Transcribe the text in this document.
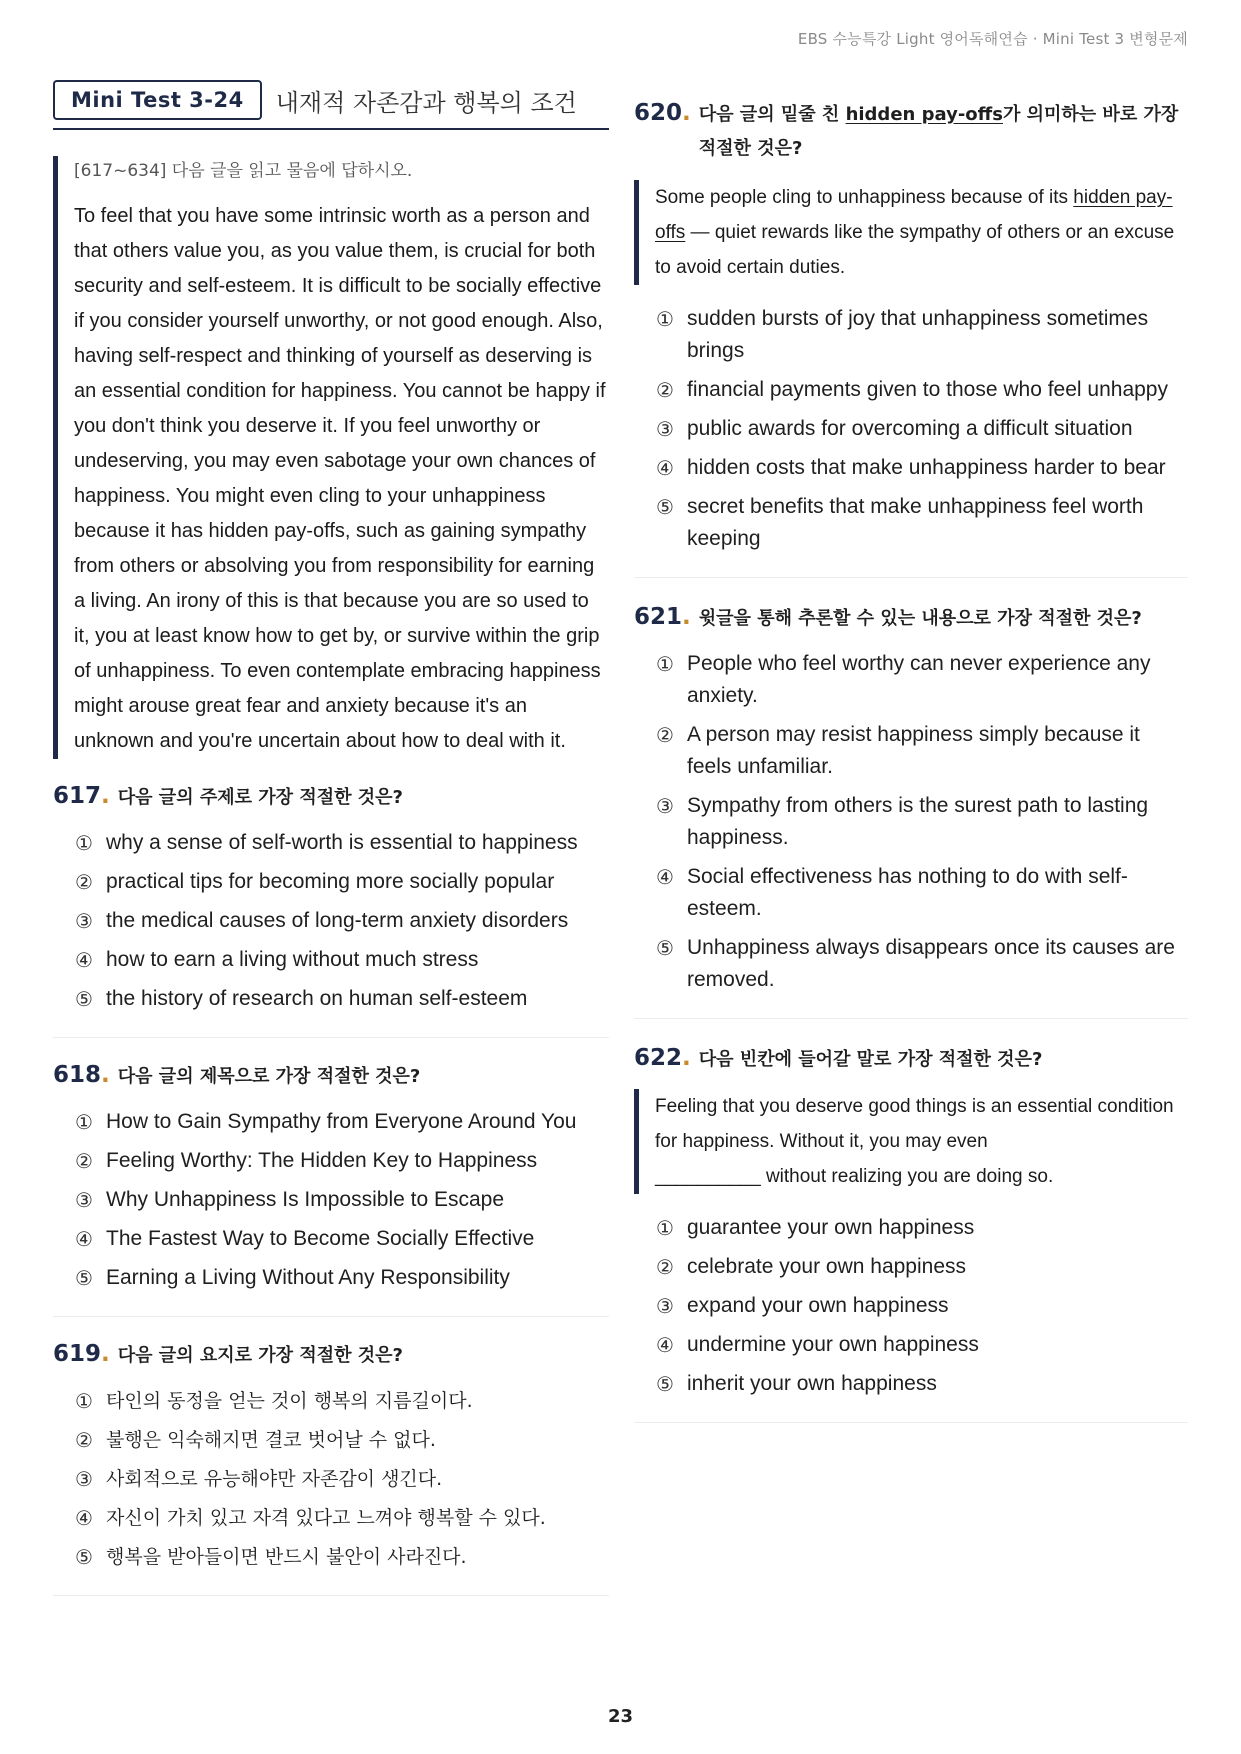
EBS 수능특강 Light 영어독해연습 · Mini Test 3 변형문제
Mini Test 3-24	내재적 자존감과 행복의 조건
[617~634] 다음 글을 읽고 물음에 답하시오.
To feel that you have some intrinsic worth as a person and that others value you, as you value them, is crucial for both security and self-esteem. It is difficult to be socially effective if you consider yourself unworthy, or not good enough. Also, having self-respect and thinking of yourself as deserving is an essential condition for happiness. You cannot be happy if you don't think you deserve it. If you feel unworthy or undeserving, you may even sabotage your own chances of happiness. You might even cling to your unhappiness because it has hidden pay-offs, such as gaining sympathy from others or absolving you from responsibility for earning a living. An irony of this is that because you are so used to it, you at least know how to get by, or survive within the grip of unhappiness. To even contemplate embracing happiness might arouse great fear and anxiety because it's an unknown and you're uncertain about how to deal with it.
617 . 다음 글의 주제로 가장 적절한 것은?
① why a sense of self-worth is essential to happiness
② practical tips for becoming more socially popular
③ the medical causes of long-term anxiety disorders
④ how to earn a living without much stress
⑤ the history of research on human self-esteem
618 . 다음 글의 제목으로 가장 적절한 것은?
① How to Gain Sympathy from Everyone Around You
② Feeling Worthy: The Hidden Key to Happiness
③ Why Unhappiness Is Impossible to Escape
④ The Fastest Way to Become Socially Effective
⑤ Earning a Living Without Any Responsibility
619 . 다음 글의 요지로 가장 적절한 것은?
① 타인의 동정을 얻는 것이 행복의 지름길이다.
② 불행은 익숙해지면 결코 벗어날 수 없다.
③ 사회적으로 유능해야만 자존감이 생긴다.
④ 자신이 가치 있고 자격 있다고 느껴야 행복할 수 있다.
⑤ 행복을 받아들이면 반드시 불안이 사라진다.
620 . 다음 글의 밑줄 친 hidden pay-offs가 의미하는 바로 가장 적절한 것은?
Some people cling to unhappiness because of its hidden pay-offs — quiet rewards like the sympathy of others or an excuse to avoid certain duties.
① sudden bursts of joy that unhappiness sometimes brings
② financial payments given to those who feel unhappy
③ public awards for overcoming a difficult situation
④ hidden costs that make unhappiness harder to bear
⑤ secret benefits that make unhappiness feel worth keeping
621 . 윗글을 통해 추론할 수 있는 내용으로 가장 적절한 것은?
① People who feel worthy can never experience any anxiety.
② A person may resist happiness simply because it feels unfamiliar.
③ Sympathy from others is the surest path to lasting happiness.
④ Social effectiveness has nothing to do with self-esteem.
⑤ Unhappiness always disappears once its causes are removed.
622 . 다음 빈칸에 들어갈 말로 가장 적절한 것은?
Feeling that you deserve good things is an essential condition for happiness. Without it, you may even
__________ without realizing you are doing so.
① guarantee your own happiness
② celebrate your own happiness
③ expand your own happiness
④ undermine your own happiness
⑤ inherit your own happiness
23
